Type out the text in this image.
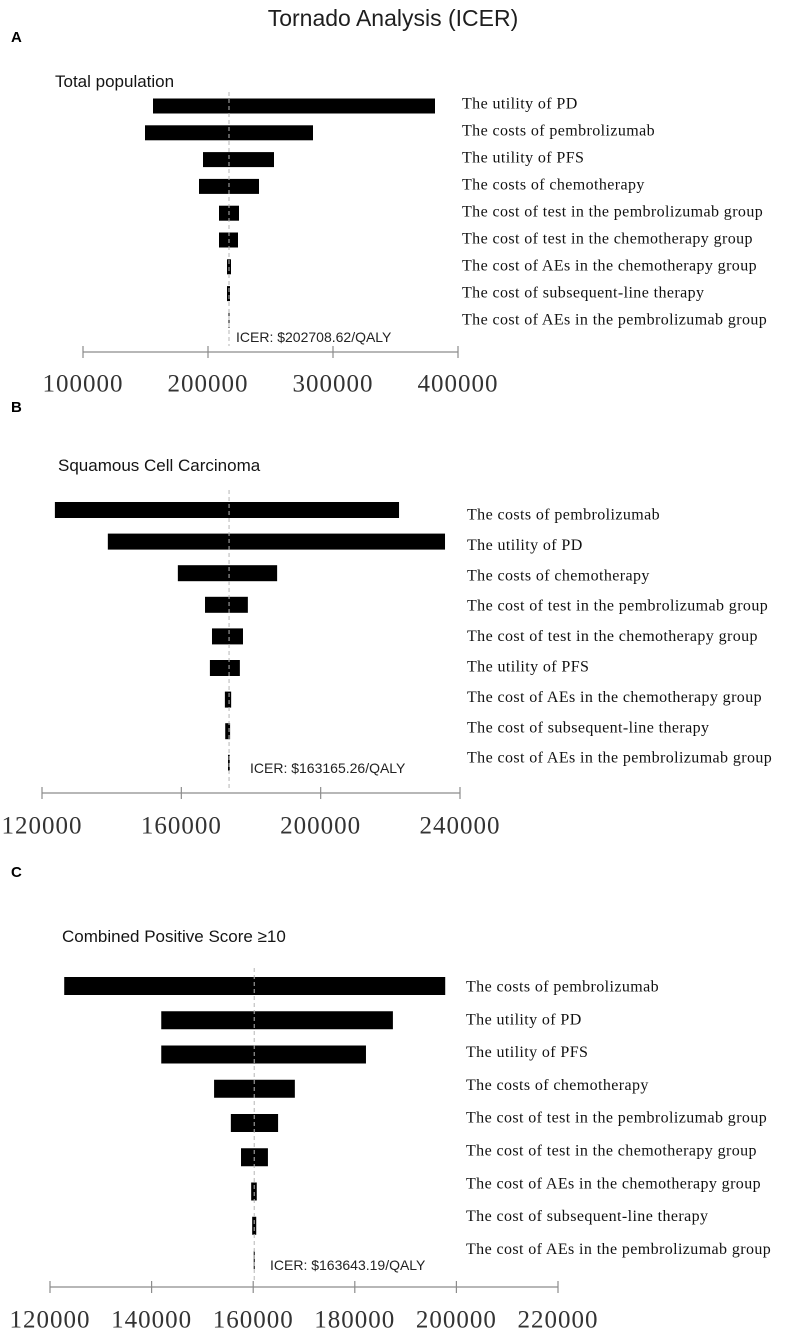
100000 200000 300000 400000
The utility of PD
The costs of pembrolizumab
The utility of PFS
The costs of chemotherapy
The cost of test in the pembrolizumab group
The cost of test in the chemotherapy group
The cost of AEs in the chemotherapy group
The cost of subsequent-line therapy
The cost of AEs in the pembrolizumab group
120000 160000 200000 240000
The costs of pembrolizumab
The utility of PD
The costs of chemotherapy
The cost of test in the pembrolizumab group
The cost of test in the chemotherapy group
The utility of PFS
The cost of AEs in the chemotherapy group
The cost of subsequent-line therapy
The cost of AEs in the pembrolizumab group
120000 140000 160000 180000 200000 220000
The costs of pembrolizumab
The utility of PD
The utility of PFS
The costs of chemotherapy
The cost of test in the pembrolizumab group
The cost of test in the chemotherapy group
The cost of AEs in the chemotherapy group
The cost of subsequent-line therapy
The cost of AEs in the pembrolizumab group
Tornado Analysis (ICER)
A
Total population
ICER: $202708.62/QALY
B
Squamous Cell Carcinoma
ICER: $163165.26/QALY
C
Combined Positive Score ≥10
ICER: $163643.19/QALY
